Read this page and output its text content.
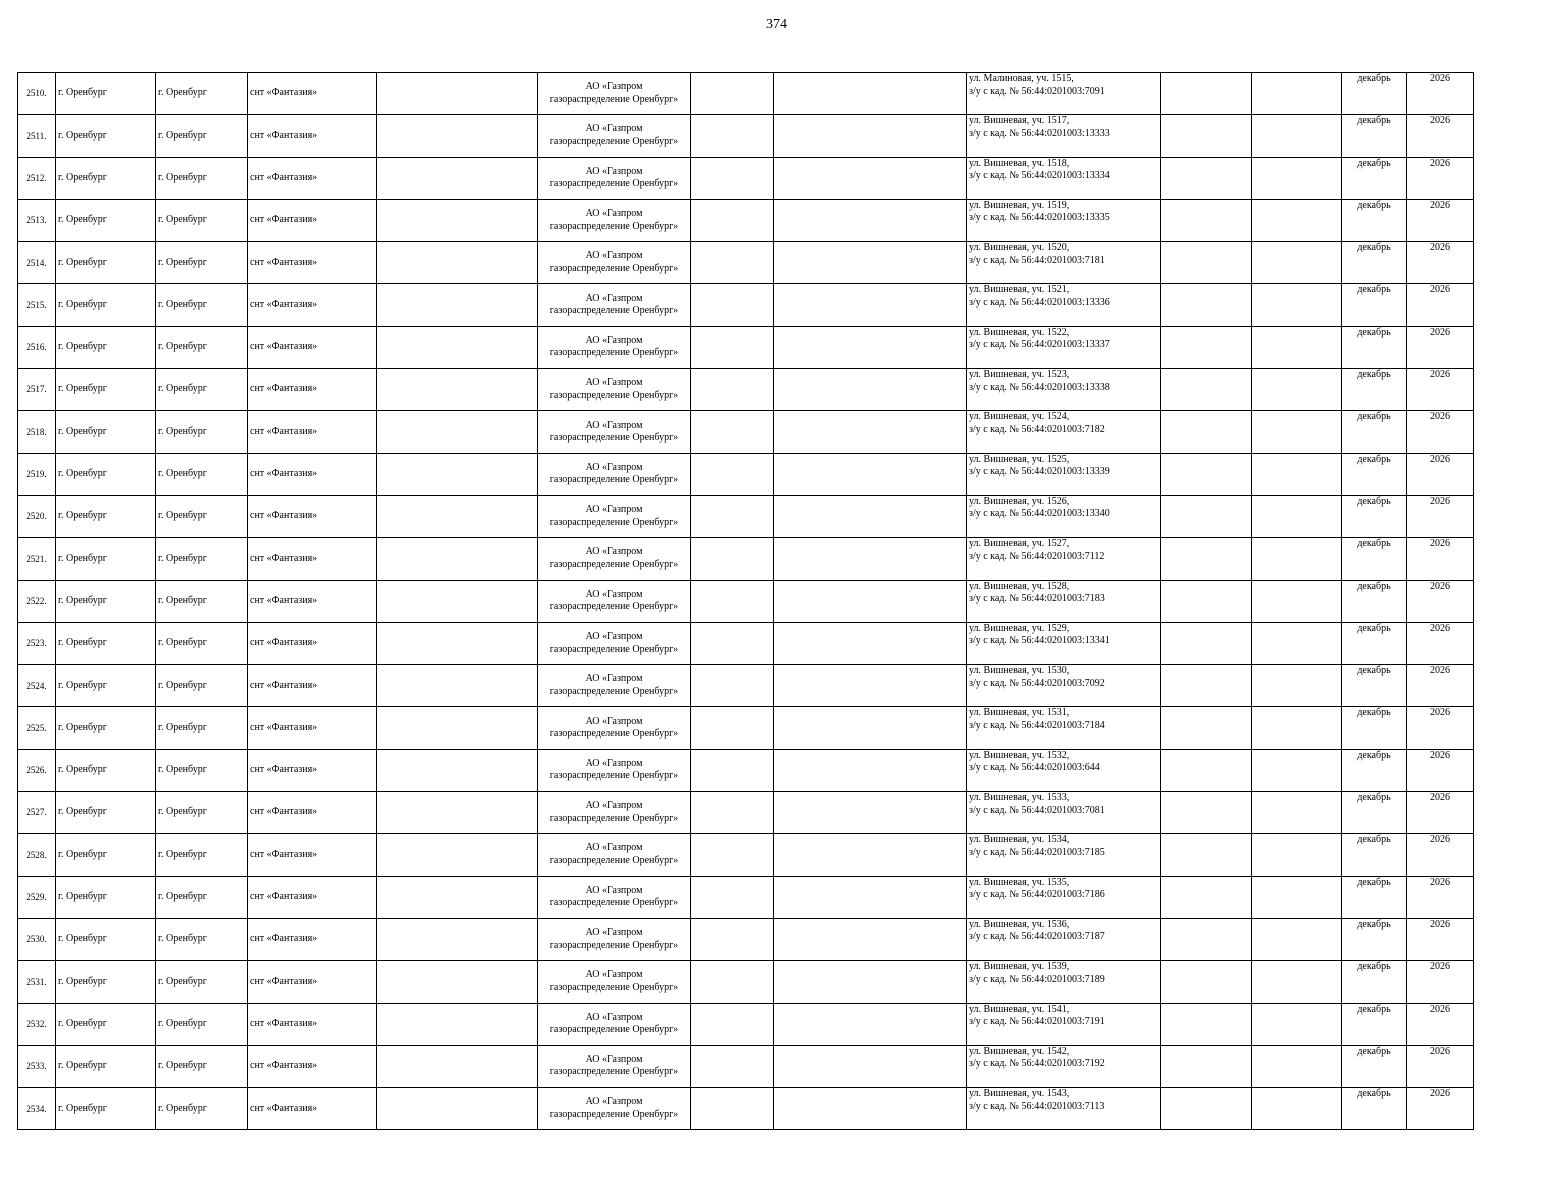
374
2510.	г. Оренбург	г. Оренбург	снт «Фантазия»		АО «Газпром
газораспределение Оренбург»			ул. Малиновая, уч. 1515,
з/у с кад. № 56:44:0201003:7091			декабрь	2026
2511.	г. Оренбург	г. Оренбург	снт «Фантазия»		АО «Газпром
газораспределение Оренбург»			ул. Вишневая, уч. 1517,
з/у с кад. № 56:44:0201003:13333			декабрь	2026
2512.	г. Оренбург	г. Оренбург	снт «Фантазия»		АО «Газпром
газораспределение Оренбург»			ул. Вишневая, уч. 1518,
з/у с кад. № 56:44:0201003:13334			декабрь	2026
2513.	г. Оренбург	г. Оренбург	снт «Фантазия»		АО «Газпром
газораспределение Оренбург»			ул. Вишневая, уч. 1519,
з/у с кад. № 56:44:0201003:13335			декабрь	2026
2514.	г. Оренбург	г. Оренбург	снт «Фантазия»		АО «Газпром
газораспределение Оренбург»			ул. Вишневая, уч. 1520,
з/у с кад. № 56:44:0201003:7181			декабрь	2026
2515.	г. Оренбург	г. Оренбург	снт «Фантазия»		АО «Газпром
газораспределение Оренбург»			ул. Вишневая, уч. 1521,
з/у с кад. № 56:44:0201003:13336			декабрь	2026
2516.	г. Оренбург	г. Оренбург	снт «Фантазия»		АО «Газпром
газораспределение Оренбург»			ул. Вишневая, уч. 1522,
з/у с кад. № 56:44:0201003:13337			декабрь	2026
2517.	г. Оренбург	г. Оренбург	снт «Фантазия»		АО «Газпром
газораспределение Оренбург»			ул. Вишневая, уч. 1523,
з/у с кад. № 56:44:0201003:13338			декабрь	2026
2518.	г. Оренбург	г. Оренбург	снт «Фантазия»		АО «Газпром
газораспределение Оренбург»			ул. Вишневая, уч. 1524,
з/у с кад. № 56:44:0201003:7182			декабрь	2026
2519.	г. Оренбург	г. Оренбург	снт «Фантазия»		АО «Газпром
газораспределение Оренбург»			ул. Вишневая, уч. 1525,
з/у с кад. № 56:44:0201003:13339			декабрь	2026
2520.	г. Оренбург	г. Оренбург	снт «Фантазия»		АО «Газпром
газораспределение Оренбург»			ул. Вишневая, уч. 1526,
з/у с кад. № 56:44:0201003:13340			декабрь	2026
2521.	г. Оренбург	г. Оренбург	снт «Фантазия»		АО «Газпром
газораспределение Оренбург»			ул. Вишневая, уч. 1527,
з/у с кад. № 56:44:0201003:7112			декабрь	2026
2522.	г. Оренбург	г. Оренбург	снт «Фантазия»		АО «Газпром
газораспределение Оренбург»			ул. Вишневая, уч. 1528,
з/у с кад. № 56:44:0201003:7183			декабрь	2026
2523.	г. Оренбург	г. Оренбург	снт «Фантазия»		АО «Газпром
газораспределение Оренбург»			ул. Вишневая, уч. 1529,
з/у с кад. № 56:44:0201003:13341			декабрь	2026
2524.	г. Оренбург	г. Оренбург	снт «Фантазия»		АО «Газпром
газораспределение Оренбург»			ул. Вишневая, уч. 1530,
з/у с кад. № 56:44:0201003:7092			декабрь	2026
2525.	г. Оренбург	г. Оренбург	снт «Фантазия»		АО «Газпром
газораспределение Оренбург»			ул. Вишневая, уч. 1531,
з/у с кад. № 56:44:0201003:7184			декабрь	2026
2526.	г. Оренбург	г. Оренбург	снт «Фантазия»		АО «Газпром
газораспределение Оренбург»			ул. Вишневая, уч. 1532,
з/у с кад. № 56:44:0201003:644			декабрь	2026
2527.	г. Оренбург	г. Оренбург	снт «Фантазия»		АО «Газпром
газораспределение Оренбург»			ул. Вишневая, уч. 1533,
з/у с кад. № 56:44:0201003:7081			декабрь	2026
2528.	г. Оренбург	г. Оренбург	снт «Фантазия»		АО «Газпром
газораспределение Оренбург»			ул. Вишневая, уч. 1534,
з/у с кад. № 56:44:0201003:7185			декабрь	2026
2529.	г. Оренбург	г. Оренбург	снт «Фантазия»		АО «Газпром
газораспределение Оренбург»			ул. Вишневая, уч. 1535,
з/у с кад. № 56:44:0201003:7186			декабрь	2026
2530.	г. Оренбург	г. Оренбург	снт «Фантазия»		АО «Газпром
газораспределение Оренбург»			ул. Вишневая, уч. 1536,
з/у с кад. № 56:44:0201003:7187			декабрь	2026
2531.	г. Оренбург	г. Оренбург	снт «Фантазия»		АО «Газпром
газораспределение Оренбург»			ул. Вишневая, уч. 1539,
з/у с кад. № 56:44:0201003:7189			декабрь	2026
2532.	г. Оренбург	г. Оренбург	снт «Фантазия»		АО «Газпром
газораспределение Оренбург»			ул. Вишневая, уч. 1541,
з/у с кад. № 56:44:0201003:7191			декабрь	2026
2533.	г. Оренбург	г. Оренбург	снт «Фантазия»		АО «Газпром
газораспределение Оренбург»			ул. Вишневая, уч. 1542,
з/у с кад. № 56:44:0201003:7192			декабрь	2026
2534.	г. Оренбург	г. Оренбург	снт «Фантазия»		АО «Газпром
газораспределение Оренбург»			ул. Вишневая, уч. 1543,
з/у с кад. № 56:44:0201003:7113			декабрь	2026
